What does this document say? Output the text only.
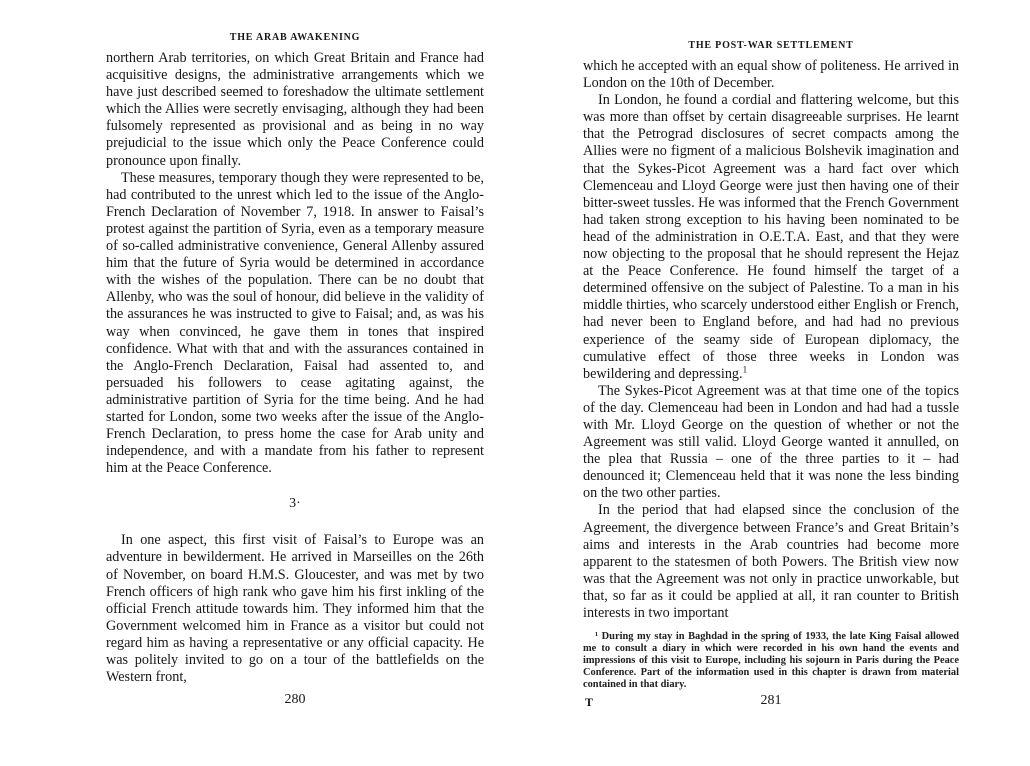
THE ARAB AWAKENING

northern Arab territories, on which Great Britain and France had acquisitive designs, the administrative arrangements which we have just described seemed to foreshadow the ultimate settlement which the Allies were secretly envisaging, although they had been fulsomely represented as provisional and as being in no way prejudicial to the issue which only the Peace Conference could pronounce upon finally.

These measures, temporary though they were represented to be, had contributed to the unrest which led to the issue of the Anglo-French Declaration of November 7, 1918. In answer to Faisal’s protest against the partition of Syria, even as a temporary measure of so-called administrative convenience, General Allenby assured him that the future of Syria would be determined in accordance with the wishes of the population. There can be no doubt that Allenby, who was the soul of honour, did believe in the validity of the assurances he was instructed to give to Faisal; and, as was his way when convinced, he gave them in tones that inspired confidence. What with that and with the assurances contained in the Anglo-French Declaration, Faisal had assented to, and persuaded his followers to cease agitating against, the administrative partition of Syria for the time being. And he had started for London, some two weeks after the issue of the Anglo-French Declaration, to press home the case for Arab unity and independence, and with a mandate from his father to represent him at the Peace Conference.

3·

In one aspect, this first visit of Faisal’s to Europe was an adventure in bewilderment. He arrived in Marseilles on the 26th of November, on board H.M.S. Gloucester, and was met by two French officers of high rank who gave him his first inkling of the official French attitude towards him. They informed him that the Government welcomed him in France as a visitor but could not regard him as having a representative or any official capacity. He was politely invited to go on a tour of the battlefields on the Western front,

280

THE POST-WAR SETTLEMENT

which he accepted with an equal show of politeness. He arrived in London on the 10th of December.

In London, he found a cordial and flattering welcome, but this was more than offset by certain disagreeable surprises. He learnt that the Petrograd disclosures of secret compacts among the Allies were no figment of a malicious Bolshevik imagination and that the Sykes-Picot Agreement was a hard fact over which Clemenceau and Lloyd George were just then having one of their bitter-sweet tussles. He was informed that the French Government had taken strong exception to his having been nominated to be head of the administration in O.E.T.A. East, and that they were now objecting to the proposal that he should represent the Hejaz at the Peace Conference. He found himself the target of a determined offensive on the subject of Palestine. To a man in his middle thirties, who scarcely understood either English or French, had never been to England before, and had had no previous experience of the seamy side of European diplomacy, the cumulative effect of those three weeks in London was bewildering and depressing.$^1$

The Sykes-Picot Agreement was at that time one of the topics of the day. Clemenceau had been in London and had had a tussle with Mr. Lloyd George on the question of whether or not the Agreement was still valid. Lloyd George wanted it annulled, on the plea that Russia – one of the three parties to it – had denounced it; Clemenceau held that it was none the less binding on the two other parties.

In the period that had elapsed since the conclusion of the Agreement, the divergence between France’s and Great Britain’s aims and interests in the Arab countries had become more apparent to the statesmen of both Powers. The British view now was that the Agreement was not only in practice unworkable, but that, so far as it could be applied at all, it ran counter to British interests in two important

¹ During my stay in Baghdad in the spring of 1933, the late King Faisal allowed me to consult a diary in which were recorded in his own hand the events and impressions of this visit to Europe, including his sojourn in Paris during the Peace Conference. Part of the information used in this chapter is drawn from material contained in that diary.

T	281
